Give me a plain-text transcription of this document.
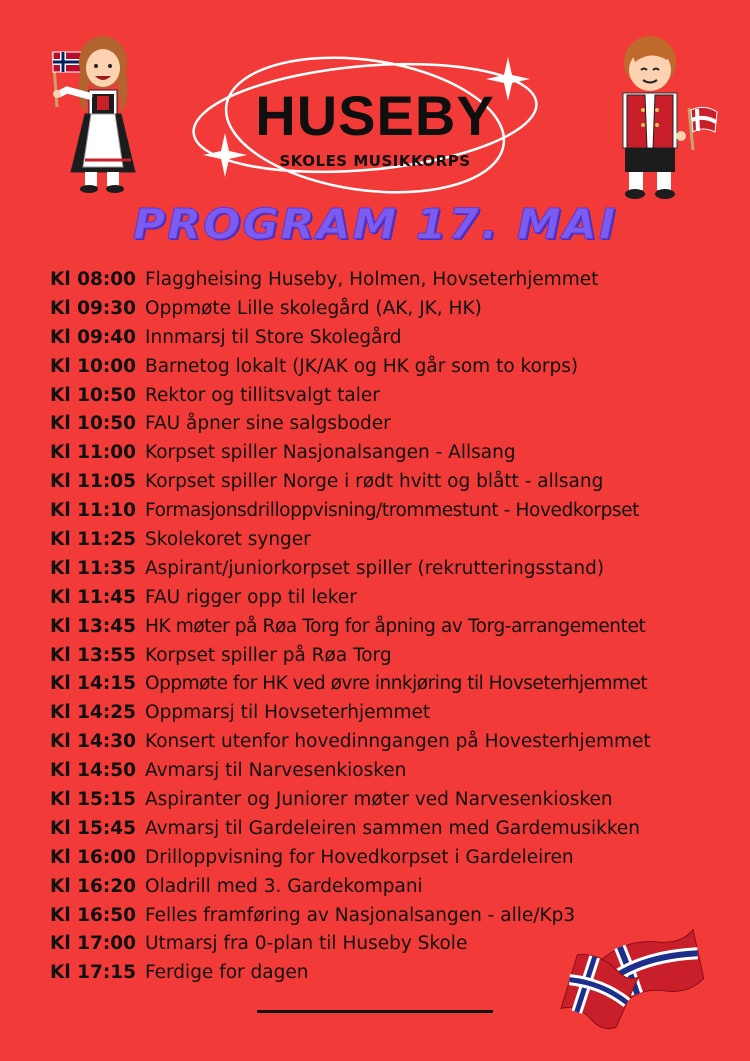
HUSEBY
SKOLES MUSIKKORPS
PROGRAM 17. MAI
Kl 08:00 Flaggheising Huseby, Holmen, Hovseterhjemmet
Kl 09:30 Oppmøte Lille skolegård (AK, JK, HK)
Kl 09:40 Innmarsj til Store Skolegård
Kl 10:00 Barnetog lokalt (JK/AK og HK går som to korps)
Kl 10:50 Rektor og tillitsvalgt taler
Kl 10:50 FAU åpner sine salgsboder
Kl 11:00 Korpset spiller Nasjonalsangen - Allsang
Kl 11:05 Korpset spiller Norge i rødt hvitt og blått - allsang
Kl 11:10 Formasjonsdrilloppvisning/trommestunt - Hovedkorpset
Kl 11:25 Skolekoret synger
Kl 11:35 Aspirant/juniorkorpset spiller (rekrutteringsstand)
Kl 11:45 FAU rigger opp til leker
Kl 13:45 HK møter på Røa Torg for åpning av Torg-arrangementet
Kl 13:55 Korpset spiller på Røa Torg
Kl 14:15 Oppmøte for HK ved øvre innkjøring til Hovseterhjemmet
Kl 14:25 Oppmarsj til Hovseterhjemmet
Kl 14:30 Konsert utenfor hovedinngangen på Hovesterhjemmet
Kl 14:50 Avmarsj til Narvesenkiosken
Kl 15:15 Aspiranter og Juniorer møter ved Narvesenkiosken
Kl 15:45 Avmarsj til Gardeleiren sammen med Gardemusikken
Kl 16:00 Drilloppvisning for Hovedkorpset i Gardeleiren
Kl 16:20 Oladrill med 3. Gardekompani
Kl 16:50 Felles framføring av Nasjonalsangen - alle/Kp3
Kl 17:00 Utmarsj fra 0-plan til Huseby Skole
Kl 17:15 Ferdige for dagen
